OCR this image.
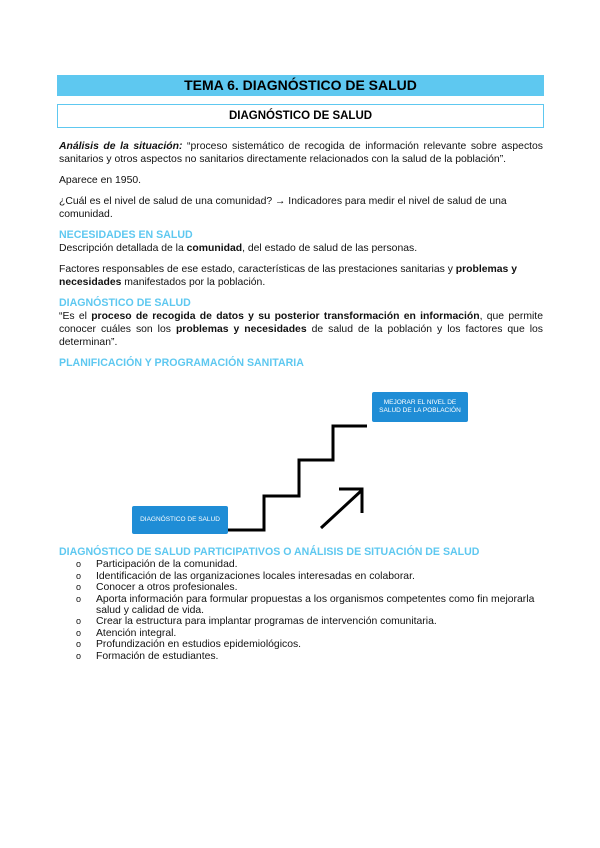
TEMA 6. DIAGNÓSTICO DE SALUD
DIAGNÓSTICO DE SALUD

Análisis de la situación: “proceso sistemático de recogida de información relevante sobre aspectos sanitarios y otros aspectos no sanitarios directamente relacionados con la salud de la población”.

Aparece en 1950.

¿Cuál es el nivel de salud de una comunidad? → Indicadores para medir el nivel de salud de una comunidad.

NECESIDADES EN SALUD

Descripción detallada de la comunidad, del estado de salud de las personas.

Factores responsables de ese estado, características de las prestaciones sanitarias y problemas y necesidades manifestados por la población.

DIAGNÓSTICO DE SALUD

“Es el proceso de recogida de datos y su posterior transformación en información, que permite conocer cuáles son los problemas y necesidades de salud de la población y los factores que los determinan”.

PLANIFICACIÓN Y PROGRAMACIÓN SANITARIA
DIAGNÓSTICO DE SALUD
MEJORAR EL NIVEL DE SALUD DE LA POBLACIÓN
DIAGNÓSTICO DE SALUD PARTICIPATIVOS O ANÁLISIS DE SITUACIÓN DE SALUD
o Participación de la comunidad.
o Identificación de las organizaciones locales interesadas en colaborar.
o Conocer a otros profesionales.
o Aporta información para formular propuestas a los organismos competentes como fin mejorarla salud y calidad de vida.
o Crear la estructura para implantar programas de intervención comunitaria.
o Atención integral.
o Profundización en estudios epidemiológicos.
o Formación de estudiantes.
